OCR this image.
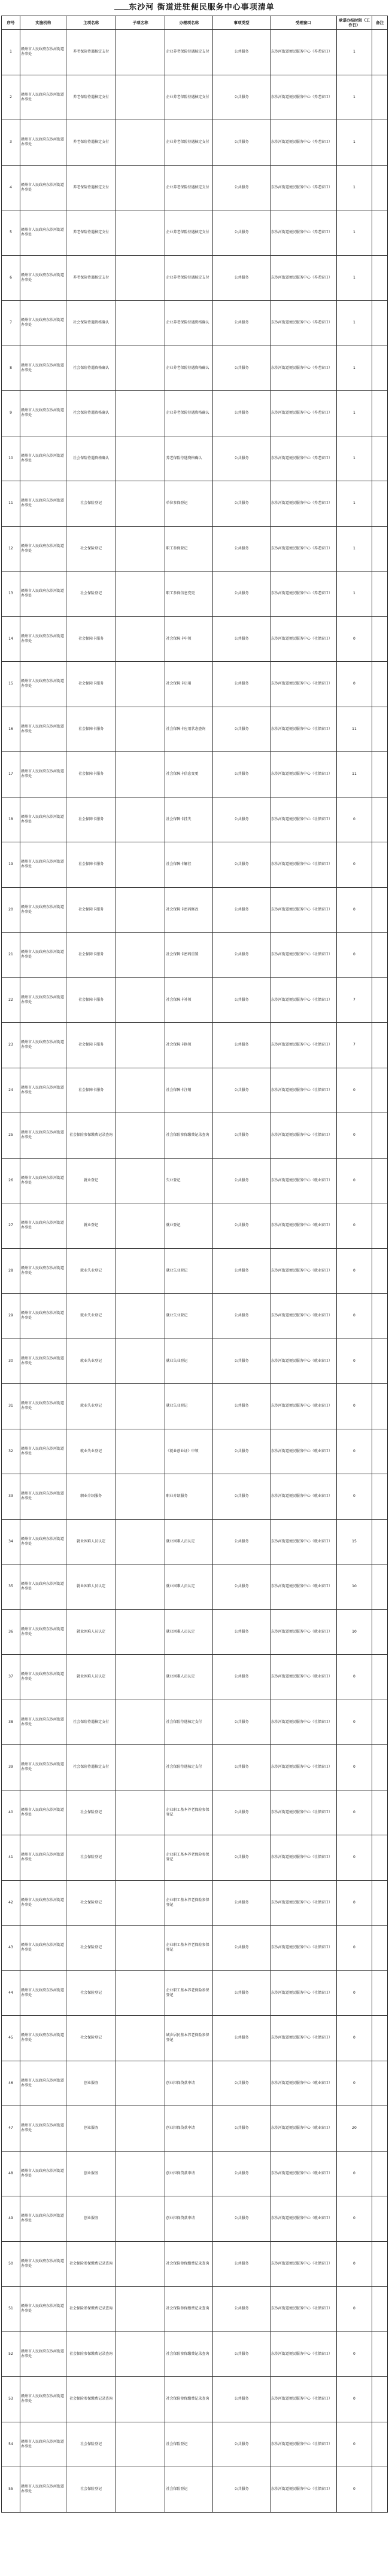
东沙河 街道进驻便民服务中心事项清单
序号	实施机构	主项名称	子项名称	办理项名称	事项类型	受理窗口	承诺办结时限（工作日）	备注
1	赣州市人民政府东沙河街道办事处	养老保险待遇核定支付		企业养老保险待遇核定支付	公共服务	东沙河街道便民服务中心（养老窗口）	1	
2	赣州市人民政府东沙河街道办事处	养老保险待遇核定支付		企业养老保险待遇核定支付	公共服务	东沙河街道便民服务中心（养老窗口）	1	
3	赣州市人民政府东沙河街道办事处	养老保险待遇核定支付		企业养老保险待遇核定支付	公共服务	东沙河街道便民服务中心（养老窗口）	1	
4	赣州市人民政府东沙河街道办事处	养老保险待遇核定支付		企业养老保险待遇核定支付	公共服务	东沙河街道便民服务中心（养老窗口）	1	
5	赣州市人民政府东沙河街道办事处	养老保险待遇核定支付		企业养老保险待遇核定支付	公共服务	东沙河街道便民服务中心（养老窗口）	1	
6	赣州市人民政府东沙河街道办事处	养老保险待遇核定支付		企业养老保险待遇核定支付	公共服务	东沙河街道便民服务中心（养老窗口）	1	
7	赣州市人民政府东沙河街道办事处	社会保险待遇资格确认		企业养老保险待遇资格确认	公共服务	东沙河街道便民服务中心（养老窗口）	1	
8	赣州市人民政府东沙河街道办事处	社会保险待遇资格确认		企业养老保险待遇资格确认	公共服务	东沙河街道便民服务中心（养老窗口）	1	
9	赣州市人民政府东沙河街道办事处	社会保险待遇资格确认		企业养老保险待遇资格确认	公共服务	东沙河街道便民服务中心（养老窗口）	1	
10	赣州市人民政府东沙河街道办事处	社会保险待遇资格确认		养老保险待遇资格确认	公共服务	东沙河街道便民服务中心（养老窗口）	1	
11	赣州市人民政府东沙河街道办事处	社会保险登记		单位参保登记	公共服务	东沙河街道便民服务中心（养老窗口）	1	
12	赣州市人民政府东沙河街道办事处	社会保险登记		职工参保登记	公共服务	东沙河街道便民服务中心（养老窗口）	1	
13	赣州市人民政府东沙河街道办事处	社会保险登记		职工参保信息变更	公共服务	东沙河街道便民服务中心（养老窗口）	1	
14	赣州市人民政府东沙河街道办事处	社会保障卡服务		社会保障卡申领	公共服务	东沙河街道便民服务中心（社保窗口）	0	
15	赣州市人民政府东沙河街道办事处	社会保障卡服务		社会保障卡启用	公共服务	东沙河街道便民服务中心（社保窗口）	0	
16	赣州市人民政府东沙河街道办事处	社会保障卡服务		社会保障卡应用状态查询	公共服务	东沙河街道便民服务中心（社保窗口）	11	
17	赣州市人民政府东沙河街道办事处	社会保障卡服务		社会保障卡信息变更	公共服务	东沙河街道便民服务中心（社保窗口）	11	
18	赣州市人民政府东沙河街道办事处	社会保障卡服务		社会保障卡挂失	公共服务	东沙河街道便民服务中心（社保窗口）	0	
19	赣州市人民政府东沙河街道办事处	社会保障卡服务		社会保障卡解挂	公共服务	东沙河街道便民服务中心（社保窗口）	0	
20	赣州市人民政府东沙河街道办事处	社会保障卡服务		社会保障卡密码修改	公共服务	东沙河街道便民服务中心（社保窗口）	0	
21	赣州市人民政府东沙河街道办事处	社会保障卡服务		社会保障卡密码重置	公共服务	东沙河街道便民服务中心（社保窗口）	0	
22	赣州市人民政府东沙河街道办事处	社会保障卡服务		社会保障卡补领	公共服务	东沙河街道便民服务中心（社保窗口）	7	
23	赣州市人民政府东沙河街道办事处	社会保障卡服务		社会保障卡换领	公共服务	东沙河街道便民服务中心（社保窗口）	7	
24	赣州市人民政府东沙河街道办事处	社会保障卡服务		社会保障卡注销	公共服务	东沙河街道便民服务中心（社保窗口）	0	
25	赣州市人民政府东沙河街道办事处	社会保险参保缴费记录查询		社会保险参保缴费记录查询	公共服务	东沙河街道便民服务中心（社保窗口）	0	
26	赣州市人民政府东沙河街道办事处	就业登记		失业登记	公共服务	东沙河街道便民服务中心（就业窗口）	0	
27	赣州市人民政府东沙河街道办事处	就业登记		就业登记	公共服务	东沙河街道便民服务中心（就业窗口）	0	
28	赣州市人民政府东沙河街道办事处	就业失业登记		就业失业登记	公共服务	东沙河街道便民服务中心（就业窗口）	0	
29	赣州市人民政府东沙河街道办事处	就业失业登记		就业失业登记	公共服务	东沙河街道便民服务中心（就业窗口）	0	
30	赣州市人民政府东沙河街道办事处	就业失业登记		就业失业登记	公共服务	东沙河街道便民服务中心（就业窗口）	0	
31	赣州市人民政府东沙河街道办事处	就业失业登记		就业失业登记	公共服务	东沙河街道便民服务中心（就业窗口）	0	
32	赣州市人民政府东沙河街道办事处	就业失业登记		《就业创业证》申领	公共服务	东沙河街道便民服务中心（就业窗口）	0	
33	赣州市人民政府东沙河街道办事处	职业介绍服务		职业介绍服务	公共服务	东沙河街道便民服务中心（就业窗口）	0	
34	赣州市人民政府东沙河街道办事处	就业困难人员认定		就业困难人员认定	公共服务	东沙河街道便民服务中心（就业窗口）	15	
35	赣州市人民政府东沙河街道办事处	就业困难人员认定		就业困难人员认定	公共服务	东沙河街道便民服务中心（就业窗口）	10	
36	赣州市人民政府东沙河街道办事处	就业困难人员认定		就业困难人员认定	公共服务	东沙河街道便民服务中心（就业窗口）	10	
37	赣州市人民政府东沙河街道办事处	就业困难人员认定		就业困难人员认定	公共服务	东沙河街道便民服务中心（就业窗口）	0	
38	赣州市人民政府东沙河街道办事处	社会保险待遇核定支付		社会保险待遇核定支付	公共服务	东沙河街道便民服务中心（社保窗口）	0	
39	赣州市人民政府东沙河街道办事处	社会保险待遇核定支付		社会保险待遇核定支付	公共服务	东沙河街道便民服务中心（社保窗口）	0	
40	赣州市人民政府东沙河街道办事处	社会保险登记		企业职工基本养老保险参保登记	公共服务	东沙河街道便民服务中心（社保窗口）	0	
41	赣州市人民政府东沙河街道办事处	社会保险登记		企业职工基本养老保险参保登记	公共服务	东沙河街道便民服务中心（社保窗口）	0	
42	赣州市人民政府东沙河街道办事处	社会保险登记		企业职工基本养老保险参保登记	公共服务	东沙河街道便民服务中心（社保窗口）	0	
43	赣州市人民政府东沙河街道办事处	社会保险登记		企业职工基本养老保险参保登记	公共服务	东沙河街道便民服务中心（社保窗口）	0	
44	赣州市人民政府东沙河街道办事处	社会保险登记		企业职工基本养老保险参保登记	公共服务	东沙河街道便民服务中心（社保窗口）	0	
45	赣州市人民政府东沙河街道办事处	社会保险登记		城乡居民基本养老保险参保登记	公共服务	东沙河街道便民服务中心（社保窗口）	0	
46	赣州市人民政府东沙河街道办事处	创业服务		创业担保贷款申请	公共服务	东沙河街道便民服务中心（就业窗口）	0	
47	赣州市人民政府东沙河街道办事处	创业服务		创业担保贷款申请	公共服务	东沙河街道便民服务中心（就业窗口）	20	
48	赣州市人民政府东沙河街道办事处	创业服务		创业担保贷款申请	公共服务	东沙河街道便民服务中心（就业窗口）	0	
49	赣州市人民政府东沙河街道办事处	创业服务		创业担保贷款申请	公共服务	东沙河街道便民服务中心（就业窗口）	0	
50	赣州市人民政府东沙河街道办事处	社会保险参保缴费记录查询		社会保险参保缴费记录查询	公共服务	东沙河街道便民服务中心（社保窗口）	0	
51	赣州市人民政府东沙河街道办事处	社会保险参保缴费记录查询		社会保险参保缴费记录查询	公共服务	东沙河街道便民服务中心（社保窗口）	0	
52	赣州市人民政府东沙河街道办事处	社会保险参保缴费记录查询		社会保险参保缴费记录查询	公共服务	东沙河街道便民服务中心（社保窗口）	0	
53	赣州市人民政府东沙河街道办事处	社会保险参保缴费记录查询		社会保险参保缴费记录查询	公共服务	东沙河街道便民服务中心（社保窗口）	0	
54	赣州市人民政府东沙河街道办事处	社会保险登记		社会保险登记	公共服务	东沙河街道便民服务中心（社保窗口）	0	
55	赣州市人民政府东沙河街道办事处	社会保险登记		社会保险登记	公共服务	东沙河街道便民服务中心（社保窗口）	0	
